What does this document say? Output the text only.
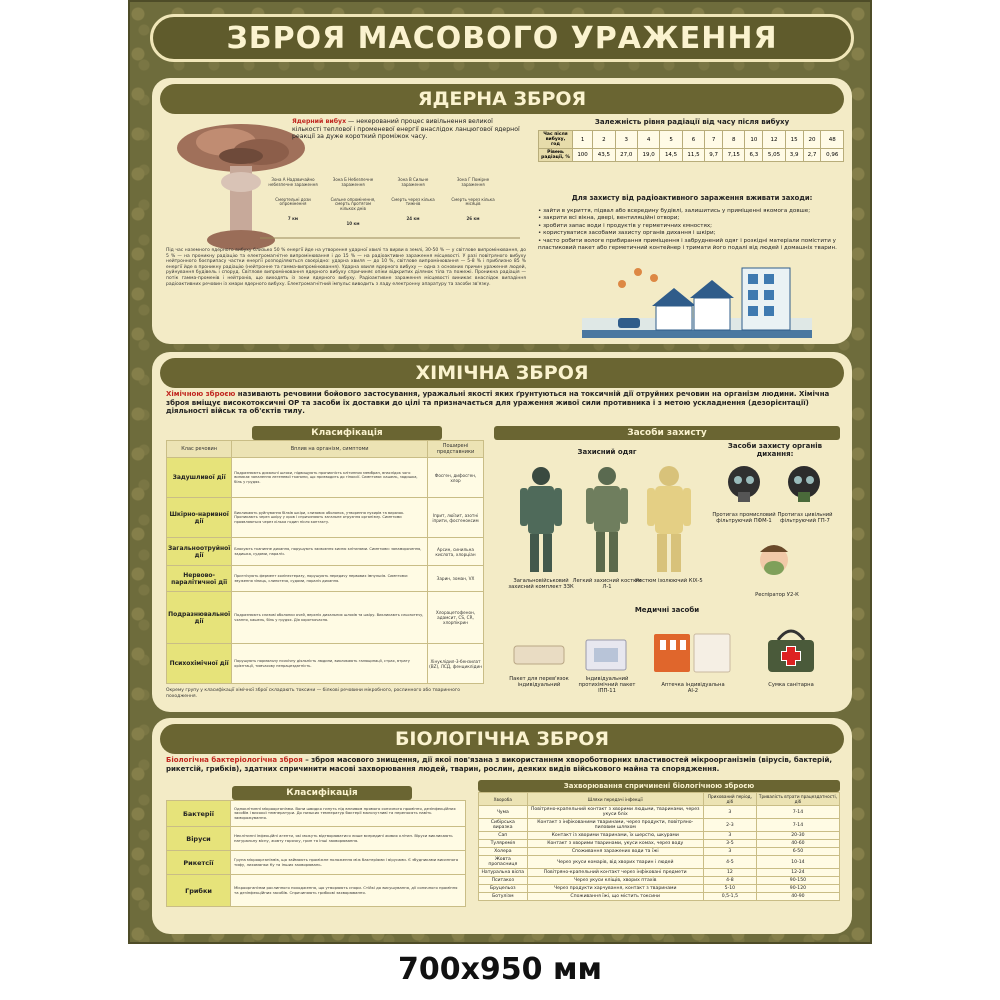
ЗБРОЯ МАСОВОГО УРАЖЕННЯ
ЯДЕРНА ЗБРОЯ
Ядерний вибух — некерований процес вивільнення великої кількості теплової і променевої енергії внаслідок ланцюгової ядерної реакції за дуже короткий проміжок часу.
Зона А Надзвичайно небезпечне зараження
Смертельні дози опромінення
7 км
Зона Б Небезпечне зараження
Сильне опромінення, смерть протягом кількох днів
10 км
Зона В Сильне зараження
Смерть через кілька тижнів
24 км
Зона Г Помірне зараження
Смерть через кілька місяців
26 км
Під час наземного ядерного вибуху близько 50 % енергії йде на утворення ударної хвилі та вирви в землі, 30-50 % — у світлове випромінювання, до 5 % — на проникну радіацію та електромагнітне випромінювання і до 15 % — на радіоактивне зараження місцевості. У разі повітряного вибуху нейтронного боєприпасу частки енергії розподіляються своєрідно: ударна хвиля — до 10 %, світлове випромінювання — 5-8 % і приблизно 85 % енергії йде в проникну радіацію (нейтронне та гамма-випромінювання). Ударна хвиля ядерного вибуху — одна з основних причин ураження людей, руйнування будівель і споруд. Світлове випромінювання ядерного вибуху спричиняє опіки відкритих ділянок тіла та пожежі. Проникна радіація — потік гамма-променів і нейтронів, що виходять із зони ядерного вибуху. Радіоактивне зараження місцевості виникає внаслідок випадіння радіоактивних речовин із хмари ядерного вибуху. Електромагнітний імпульс виводить з ладу електронну апаратуру та засоби зв'язку.
Залежність рівня радіації від часу після вибуху
Час після вибуху, год	1	2	3	4	5	6	7	8	10	12	15	20	48
Рівень радіації, %	100	43,5	27,0	19,0	14,5	11,5	9,7	7,15	6,3	5,05	3,9	2,7	0,96
Для захисту від радіоактивного зараження вживати заходи:
• зайти в укриття, підвал або всередину будівлі, залишитись у приміщенні якомога довше;
• закрити всі вікна, двері, вентиляційні отвори;
• зробити запас води і продуктів у герметичних ємностях;
• користуватися засобами захисту органів дихання і шкіри;
• часто робити вологе прибирання приміщення і забруднений одяг і розкідні матеріали помістити у пластиковий пакет або герметичний контейнер і тримати його подалі від людей і домашніх тварин.
ХІМІЧНА ЗБРОЯ
Хімічною зброєю називають речовини бойового застосування, уражальні якості яких ґрунтуються на токсичній дії отруйних речовин на організм людини. Хімічна зброя вміщує високотоксичні ОР та засоби їх доставки до цілі та призначається для ураження живої сили противника і з метою ускладнення (дезорієнтації) діяльності військ та об'єктів тилу.
Класифікація
Клас речовин	Вплив на організм, симптоми	Поширені представники
Задушливої дії	Подразнюють дихальні шляхи, підвищують проникність клітинних мембран, внаслідок чого виникає запалення легеневої тканини, що призводить до гіпоксії. Симптоми: кашель, задишка, біль у грудях.	Фосген, дифосген, хлор
Шкірно-наривної дії	Викликають руйнування білків шкіри, слизових оболонок, утворення пухирів та виразок. Проникають через шкіру у кров і спричиняють загальне отруєння організму. Симптоми проявляються через кілька годин після контакту.	Іприт, люїзит, азотні іприти, фосгеноксим
Загальноотруйної дії	Блокують тканинне дихання, порушують засвоєння кисню клітинами. Симптоми: запаморочення, задишка, судоми, параліч.	Арсин, синильна кислота, хлорціан
Нервово-паралітичної дії	Пригнічують фермент холінестеразу, порушують передачу нервових імпульсів. Симптоми: звуження зіниць, слинотеча, судоми, параліч дихання.	Зарин, зоман, VX
Подразнювальної дії	Подразнюють слизові оболонки очей, верхніх дихальних шляхів та шкіру. Викликають сльозотечу, чхання, кашель, біль у грудях. Дія короткочасна.	Хлорацетофенон, адамсит, CS, CR, хлорпікрин
Психохімічної дії	Порушують нормальну психічну діяльність людини, викликають галюцинації, страх, втрату орієнтації, тимчасову непрацездатність.	Хінуклідил-3-бензилат (BZ), ЛСД, фенциклідин
Окрему групу у класифікації хімічної зброї складають токсини — білкові речовини мікробного, рослинного або тваринного походження.
Засоби захисту
Захисний одяг
Загальновійськовий захисний комплект ЗЗК
Легкий захисний костюм Л-1
Костюм ізолюючий КІХ-5
Засоби захисту органів дихання:
Протигаз промисловий фільтруючий ПФМ-1
Протигаз цивільний фільтруючий ГП-7
Респіратор У2-К
Медичні засоби
Пакет для перев'язок індивідуальний
Індивідуальний протихімічний пакет ІПП-11
Аптечка індивідуальна АІ-2
Сумка санітарна
БІОЛОГІЧНА ЗБРОЯ
Біологічна бактеріологічна зброя – зброя масового знищення, дії якої пов'язана з використанням хвороботворних властивостей мікроорганізмів (вірусів, бактерій, рикетсій, грибків), здатних спричинити масові захворювання людей, тварин, рослин, деяких видів військового майна та спорядження.
Класифікація
Бактерії	Одноклітинні мікроорганізми. Вони швидко гинуть під впливом прямого сонячного проміння, дезінфекційних засобів і високої температури. До низьких температур бактерії малочутливі та переносять навіть заморожування.
Віруси	Неклітинні інфекційні агенти, які можуть відтворюватися лише всередині живих клітин. Віруси викликають натуральну віспу, жовту гарячку, грип та інші захворювання.
Рикетсії	Група мікроорганізмів, що займають проміжне положення між бактеріями і вірусами. Є збудниками висипного тифу, лихоманки Ку та інших захворювань.
Грибки	Мікроорганізми рослинного походження, що утворюють спори. Стійкі до висушування, дії сонячного проміння та дезінфекційних засобів. Спричиняють грибкові захворювання.
Захворювання спричинені біологічною зброєю
Хвороба	Шляхи передачі інфекції	Прихований період, діб	Тривалість втрати працездатності, діб
Чума	Повітряно-крапельний контакт з хворими людьми, тваринами, через укуси бліх	3	7-14
Сибірська виразка	Контакт з інфікованими тваринами, через продукти, повітряно-пиловим шляхом	2-3	7-14
Сап	Контакт із хворими тваринами, їх шерстю, шкурами	3	20-30
Туляремія	Контакт з хворими тваринами, укуси комах, через воду	3-5	40-60
Холера	Споживання заражених води та їжі	3	6-50
Жовта пропасниця	Через укуси комарів, від хворих тварин і людей	4-5	10-14
Натуральна віспа	Повітряно-крапельний контакт через інфіковані предмети	12	12-24
Пситакоз	Через укуси кліщів, хворих птахів	4-8	90-150
Бруцельоз	Через продукти харчування, контакт з тваринами	5-10	90-120
Ботулізм	Споживання їжі, що містить токсини	0,5-1,5	40-90
700x950 мм
